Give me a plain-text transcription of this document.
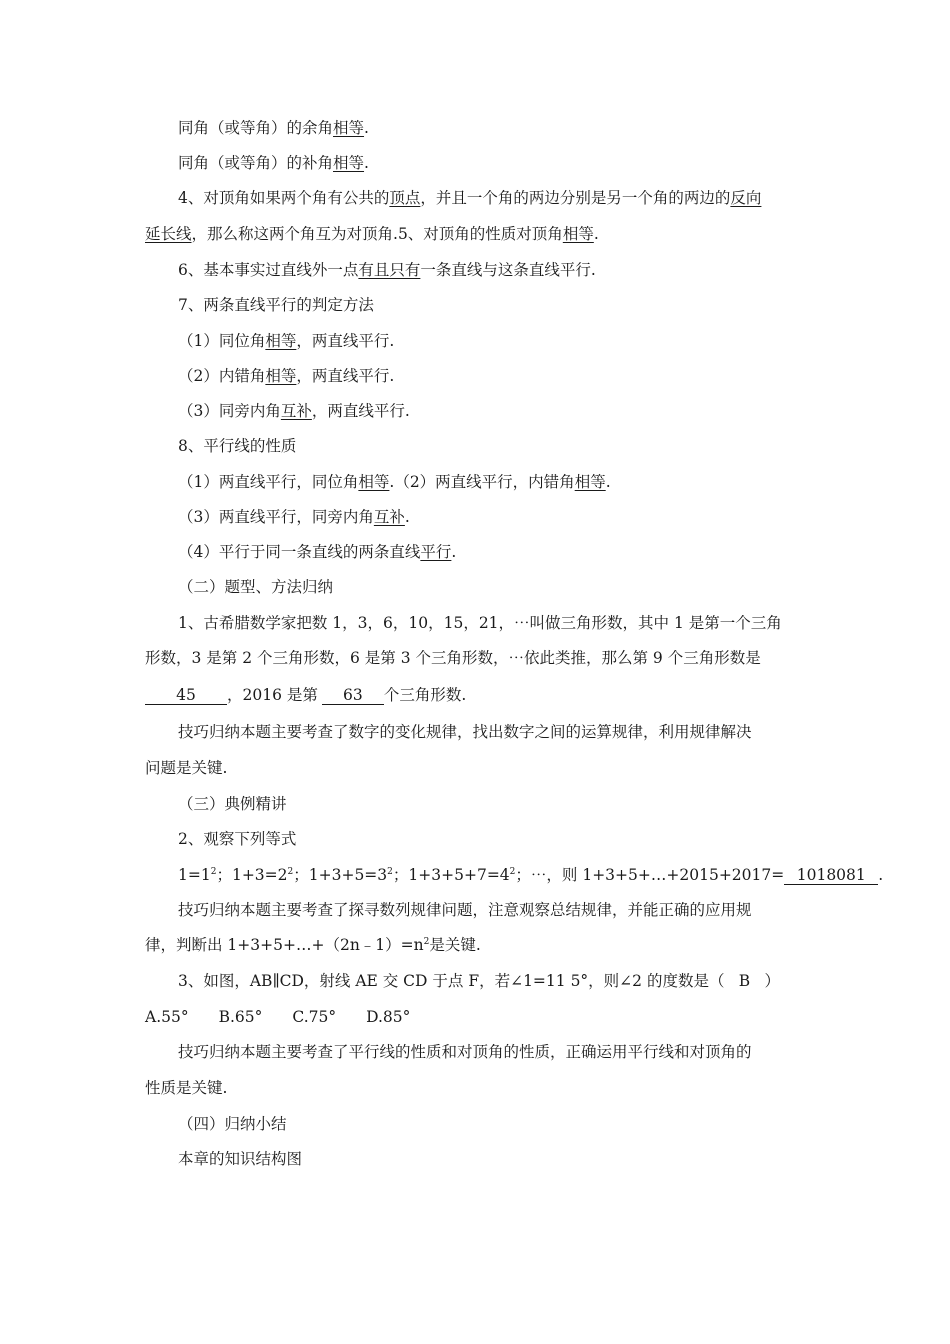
同角（或等角）的余角相等.
同角（或等角）的补角相等.
4、对顶角如果两个角有公共的顶点，并且一个角的两边分别是另一个角的两边的反向
延长线，那么称这两个角互为对顶角.5、对顶角的性质对顶角相等.
6、基本事实过直线外一点有且只有一条直线与这条直线平行.
7、两条直线平行的判定方法
（1）同位角相等，两直线平行.
（2）内错角相等，两直线平行.
（3）同旁内角互补，两直线平行.
8、平行线的性质
（1）两直线平行，同位角相等.（2）两直线平行，内错角相等.
（3）两直线平行，同旁内角互补.
（4）平行于同一条直线的两条直线平行.
（二）题型、方法归纳
1、古希腊数学家把数 1，3，6，10，15，21，⋯叫做三角形数，其中 1 是第一个三角
形数，3 是第 2 个三角形数，6 是第 3 个三角形数，⋯依此类推，那么第 9 个三角形数是
45 ，2016 是第 63 个三角形数.
技巧归纳本题主要考查了数字的变化规律，找出数字之间的运算规律，利用规律解决
问题是关键.
（三）典例精讲
2、观察下列等式
$1=1^2$；$1+3=2^2$；$1+3+5=3^2$；$1+3+5+7=4^2$；⋯，则 1+3+5+…+2015+2017= 1018081 .
技巧归纳本题主要考查了探寻数列规律问题，注意观察总结规律，并能正确的应用规
律，判断出 $1+3+5+\dots+(2n﹣1)=n^2$是关键.
3、如图，AB∥CD，射线 AE 交 CD 于点 F，若∠1=11 5°，则∠2 的度数是（ B ）
A.55° B.65° C.75° D.85°
技巧归纳本题主要考查了平行线的性质和对顶角的性质，正确运用平行线和对顶角的
性质是关键.
（四）归纳小结
本章的知识结构图
